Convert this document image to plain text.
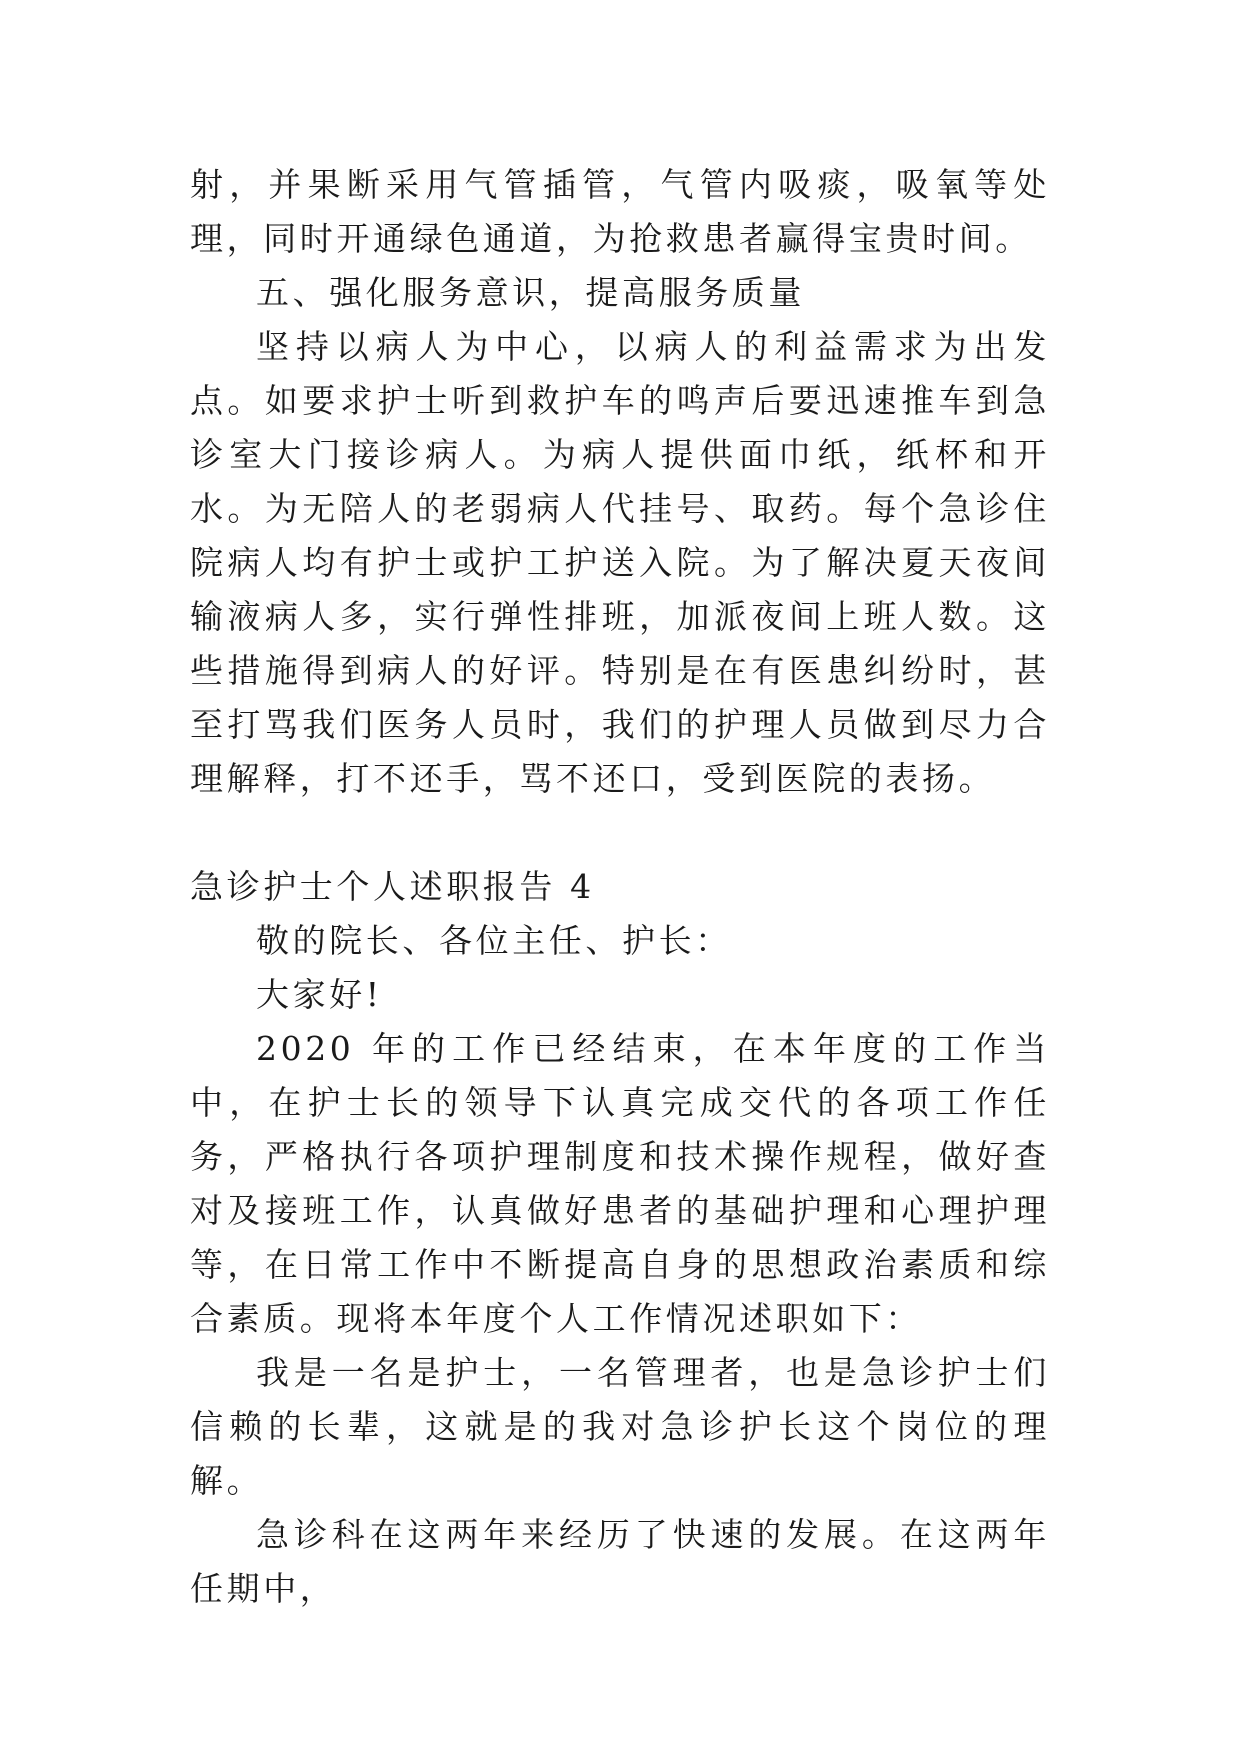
射，并果断采用气管插管，气管内吸痰，吸氧等处理，同时开通绿色通道，为抢救患者赢得宝贵时间。

五、强化服务意识，提高服务质量

坚持以病人为中心，以病人的利益需求为出发点。如要求护士听到救护车的鸣声后要迅速推车到急诊室大门接诊病人。为病人提供面巾纸，纸杯和开水。为无陪人的老弱病人代挂号、取药。每个急诊住院病人均有护士或护工护送入院。为了解决夏天夜间输液病人多，实行弹性排班，加派夜间上班人数。这些措施得到病人的好评。特别是在有医患纠纷时，甚至打骂我们医务人员时，我们的护理人员做到尽力合理解释，打不还手，骂不还口，受到医院的表扬。

急诊护士个人述职报告 4

敬的院长、各位主任、护长：

大家好!

2020 年的工作已经结束，在本年度的工作当中，在护士长的领导下认真完成交代的各项工作任务，严格执行各项护理制度和技术操作规程，做好查对及接班工作，认真做好患者的基础护理和心理护理等，在日常工作中不断提高自身的思想政治素质和综合素质。现将本年度个人工作情况述职如下：

我是一名是护士，一名管理者，也是急诊护士们信赖的长辈，这就是的我对急诊护长这个岗位的理解。

急诊科在这两年来经历了快速的发展。在这两年任期中，
